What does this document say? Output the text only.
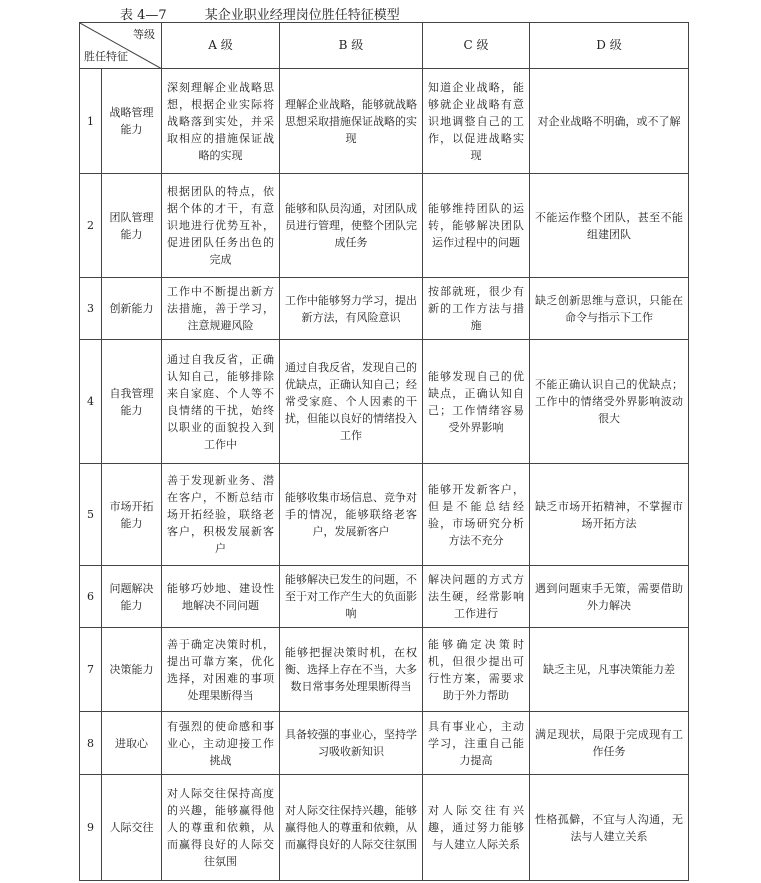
表 4—7	某企业职业经理岗位胜任特征模型
等级
胜任特征		A 级	B 级	C 级	D 级
1	战略管理能力	深刻理解企业战略思想，根据企业实际将战略落到实处，并采取相应的措施保证战略的实现	理解企业战略，能够就战略思想采取措施保证战略的实现	知道企业战略，能够就企业战略有意识地调整自己的工作，以促进战略实现	对企业战略不明确，或不了解
2	团队管理能力	根据团队的特点，依据个体的才干，有意识地进行优势互补，促进团队任务出色的完成	能够和队员沟通，对团队成员进行管理，使整个团队完成任务	能够维持团队的运转，能够解决团队运作过程中的问题	不能运作整个团队，甚至不能组建团队
3	创新能力	工作中不断提出新方法措施，善于学习，注意规避风险	工作中能够努力学习，提出新方法，有风险意识	按部就班，很少有新的工作方法与措施	缺乏创新思维与意识，只能在命令与指示下工作
4	自我管理能力	通过自我反省，正确认知自己，能够排除来自家庭、个人等不良情绪的干扰，始终以职业的面貌投入到工作中	通过自我反省，发现自己的优缺点，正确认知自己；经常受家庭、个人因素的干扰，但能以良好的情绪投入工作	能够发现自己的优缺点，正确认知自己；工作情绪容易受外界影响	不能正确认识自己的优缺点；工作中的情绪受外界影响波动很大
5	市场开拓能力	善于发现新业务、潜在客户，不断总结市场开拓经验，联络老客户，积极发展新客户	能够收集市场信息、竞争对手的情况，能够联络老客户，发展新客户	能够开发新客户，但是不能总结经验，市场研究分析方法不充分	缺乏市场开拓精神，不掌握市场开拓方法
6	问题解决能力	能够巧妙地、建设性地解决不同问题	能够解决已发生的问题，不至于对工作产生大的负面影响	解决问题的方式方法生硬，经常影响工作进行	遇到问题束手无策，需要借助外力解决
7	决策能力	善于确定决策时机，提出可靠方案，优化选择，对困难的事项处理果断得当	能够把握决策时机，在权衡、选择上存在不当，大多数日常事务处理果断得当	能够确定决策时机，但很少提出可行性方案，需要求助于外力帮助	缺乏主见，凡事决策能力差
8	进取心	有强烈的使命感和事业心，主动迎接工作挑战	具备较强的事业心，坚持学习吸收新知识	具有事业心，主动学习，注重自己能力提高	满足现状，局限于完成现有工作任务
9	人际交往	对人际交往保持高度的兴趣，能够赢得他人的尊重和依赖，从而赢得良好的人际交往氛围	对人际交往保持兴趣，能够赢得他人的尊重和依赖，从而赢得良好的人际交往氛围	对人际交往有兴趣，通过努力能够与人建立人际关系	性格孤僻，不宜与人沟通，无法与人建立关系
